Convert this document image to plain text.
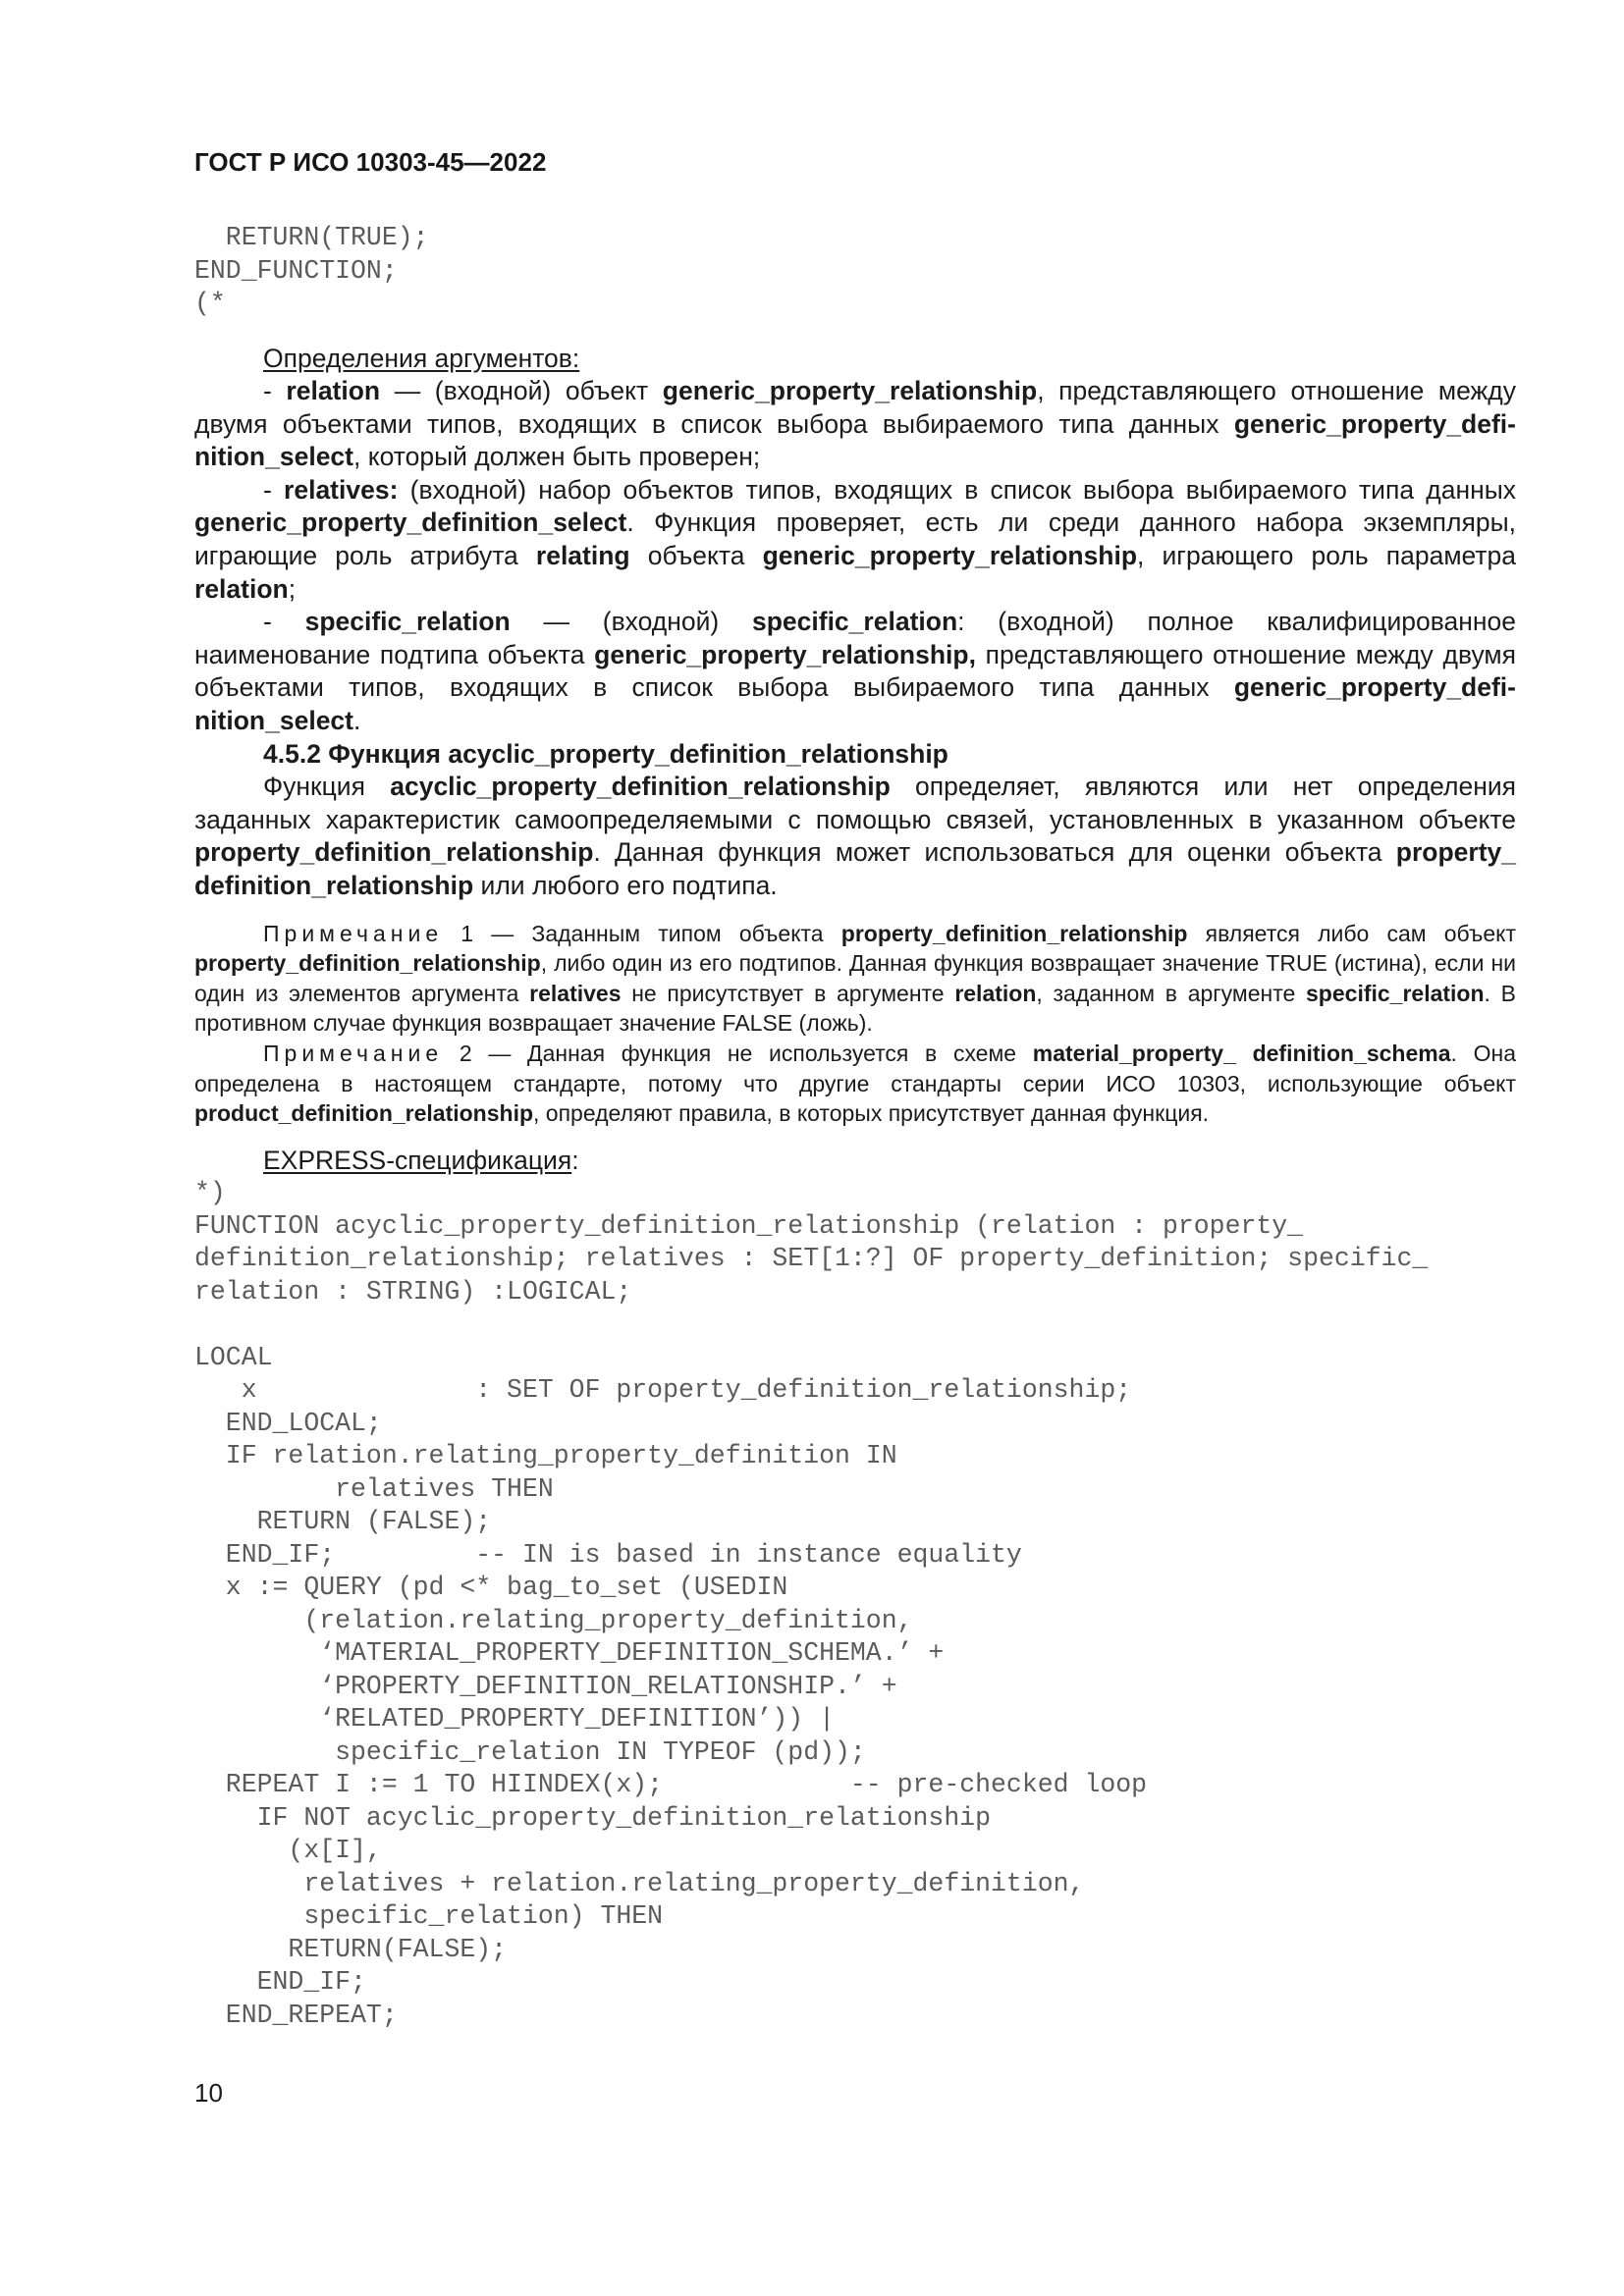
ГОСТ Р ИСО 10303-45—2022
RETURN(TRUE);
END_FUNCTION;
(*

Определения аргументов:

- relation — (входной) объект generic_property_relationship, представляющего отношение между двумя объектами типов, входящих в список выбора выбираемого типа данных generic_property_defi-nition_select, который должен быть проверен;

- relatives: (входной) набор объектов типов, входящих в список выбора выбираемого типа данных generic_property_definition_select. Функция проверяет, есть ли среди данного набора экземпляры, играющие роль атрибута relating объекта generic_property_relationship, играющего роль параметра relation;

- specific_relation — (входной) specific_relation: (входной) полное квалифицированное наименование подтипа объекта generic_property_relationship, представляющего отношение между двумя объектами типов, входящих в список выбора выбираемого типа данных generic_property_defi-nition_select.

4.5.2 Функция acyclic_property_definition_relationship

Функция acyclic_property_definition_relationship определяет, являются или нет определения заданных характеристик самоопределяемыми с помощью связей, установленных в указанном объекте property_definition_relationship. Данная функция может использоваться для оценки объекта property_ definition_relationship или любого его подтипа.

Примечание 1 — Заданным типом объекта property_definition_relationship является либо сам объект property_definition_relationship, либо один из его подтипов. Данная функция возвращает значение TRUE (истина), если ни один из элементов аргумента relatives не присутствует в аргументе relation, заданном в аргументе specific_relation. В противном случае функция возвращает значение FALSE (ложь).

Примечание 2 — Данная функция не используется в схеме material_property_ definition_schema. Она определена в настоящем стандарте, потому что другие стандарты серии ИСО 10303, использующие объект product_definition_relationship, определяют правила, в которых присутствует данная функция.

EXPRESS-спецификация:

*)
FUNCTION acyclic_property_definition_relationship (relation : property_
definition_relationship; relatives : SET[1:?] OF property_definition; specific_
relation : STRING) :LOGICAL;

LOCAL
x              : SET OF property_definition_relationship;
END_LOCAL;
IF relation.relating_property_definition IN
relatives THEN
RETURN (FALSE);
END_IF;         -- IN is based in instance equality
x := QUERY (pd <* bag_to_set (USEDIN
(relation.relating_property_definition,
‘MATERIAL_PROPERTY_DEFINITION_SCHEMA.’ +
‘PROPERTY_DEFINITION_RELATIONSHIP.’ +
‘RELATED_PROPERTY_DEFINITION’)) |
specific_relation IN TYPEOF (pd));
REPEAT I := 1 TO HIINDEX(x);            -- pre-checked loop
IF NOT acyclic_property_definition_relationship
(x[I],
relatives + relation.relating_property_definition,
specific_relation) THEN
RETURN(FALSE);
END_IF;
END_REPEAT;
10
